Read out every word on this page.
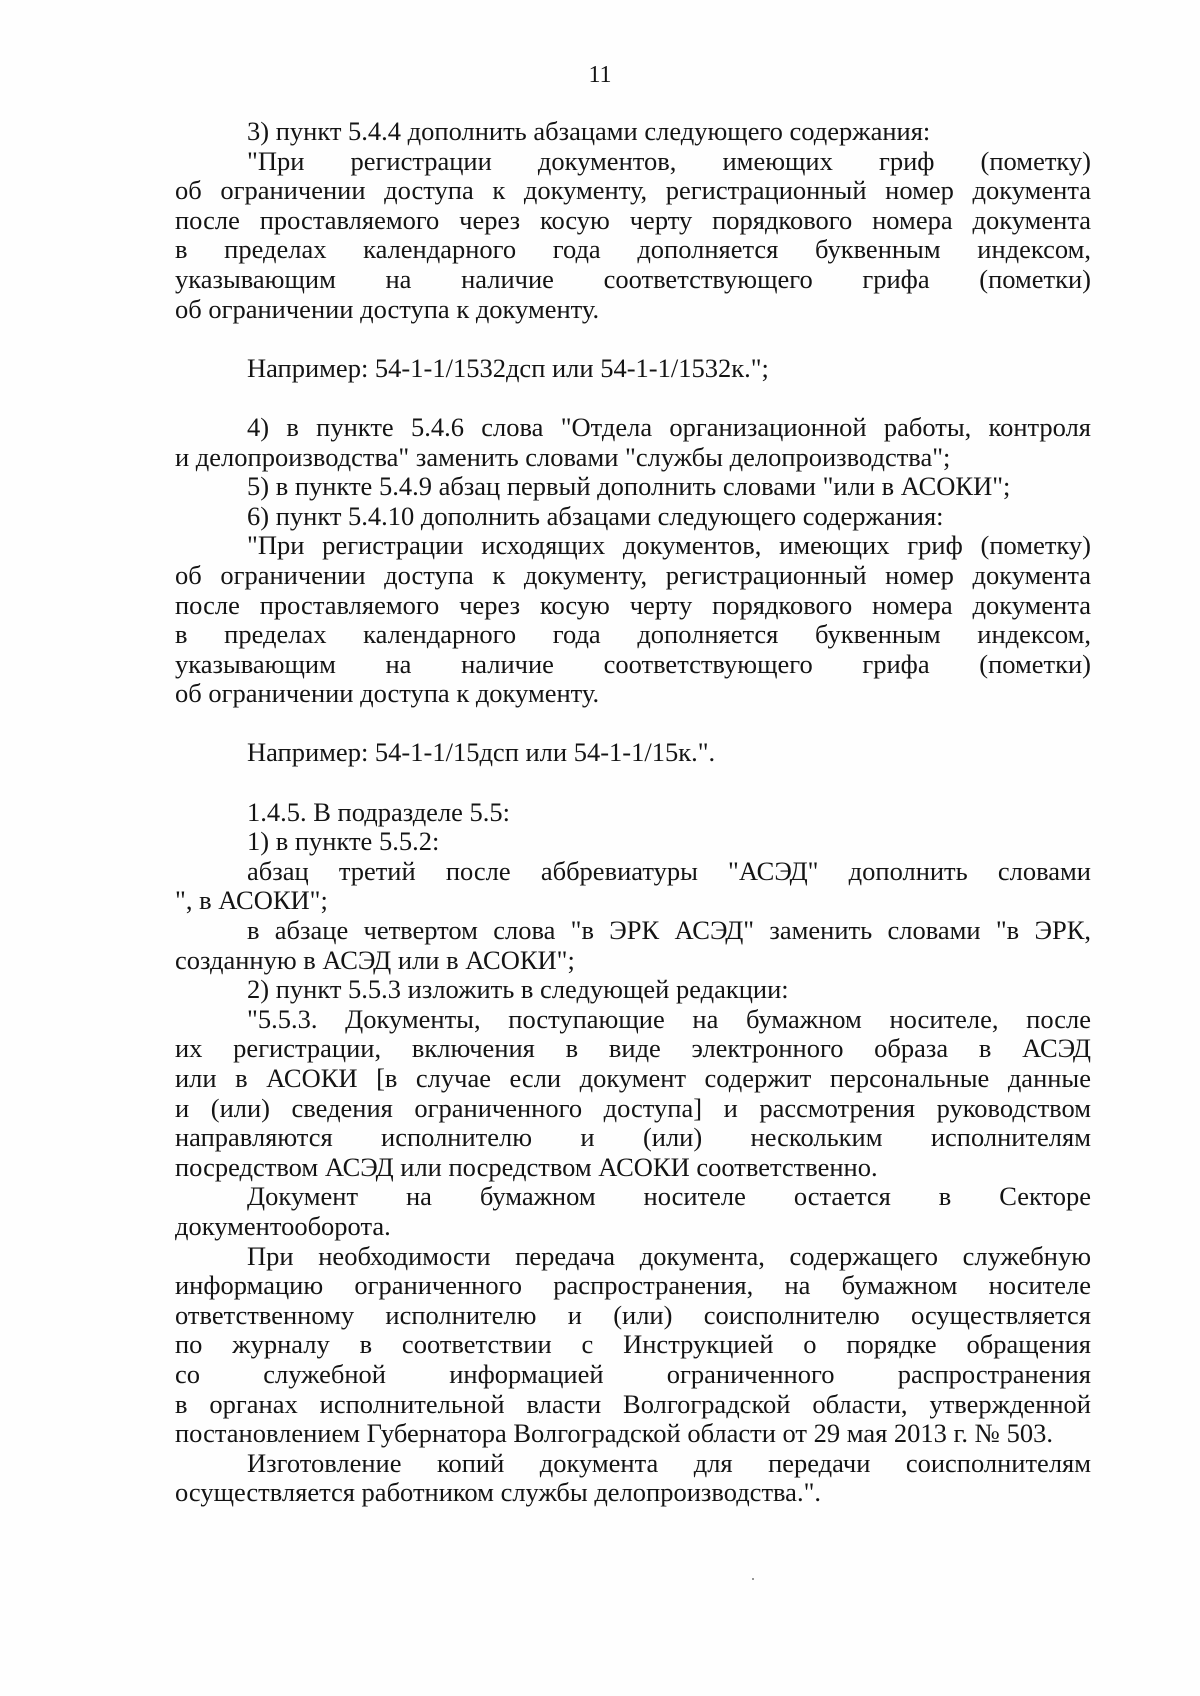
11
3) пункт 5.4.4 дополнить абзацами следующего содержания:
"При регистрации документов, имеющих гриф (пометку)
об ограничении доступа к документу, регистрационный номер документа
после проставляемого через косую черту порядкового номера документа
в пределах календарного года дополняется буквенным индексом,
указывающим на наличие соответствующего грифа (пометки)
об ограничении доступа к документу.
Например: 54-1-1/1532дсп или 54-1-1/1532к.";
4) в пункте 5.4.6 слова "Отдела организационной работы, контроля
и делопроизводства" заменить словами "службы делопроизводства";
5) в пункте 5.4.9 абзац первый дополнить словами "или в АСОКИ";
6) пункт 5.4.10 дополнить абзацами следующего содержания:
"При регистрации исходящих документов, имеющих гриф (пометку)
об ограничении доступа к документу, регистрационный номер документа
после проставляемого через косую черту порядкового номера документа
в пределах календарного года дополняется буквенным индексом,
указывающим на наличие соответствующего грифа (пометки)
об ограничении доступа к документу.
Например: 54-1-1/15дсп или 54-1-1/15к.".
1.4.5. В подразделе 5.5:
1) в пункте 5.5.2:
абзац третий после аббревиатуры "АСЭД" дополнить словами
", в АСОКИ";
в абзаце четвертом слова "в ЭРК АСЭД" заменить словами "в ЭРК,
созданную в АСЭД или в АСОКИ";
2) пункт 5.5.3 изложить в следующей редакции:
"5.5.3. Документы, поступающие на бумажном носителе, после
их регистрации, включения в виде электронного образа в АСЭД
или в АСОКИ [в случае если документ содержит персональные данные
и (или) сведения ограниченного доступа] и рассмотрения руководством
направляются исполнителю и (или) нескольким исполнителям
посредством АСЭД или посредством АСОКИ соответственно.
Документ на бумажном носителе остается в Секторе
документооборота.
При необходимости передача документа, содержащего служебную
информацию ограниченного распространения, на бумажном носителе
ответственному исполнителю и (или) соисполнителю осуществляется
по журналу в соответствии с Инструкцией о порядке обращения
со служебной информацией ограниченного распространения
в органах исполнительной власти Волгоградской области, утвержденной
постановлением Губернатора Волгоградской области от 29 мая 2013 г. № 503.
Изготовление копий документа для передачи соисполнителям
осуществляется работником службы делопроизводства.".
